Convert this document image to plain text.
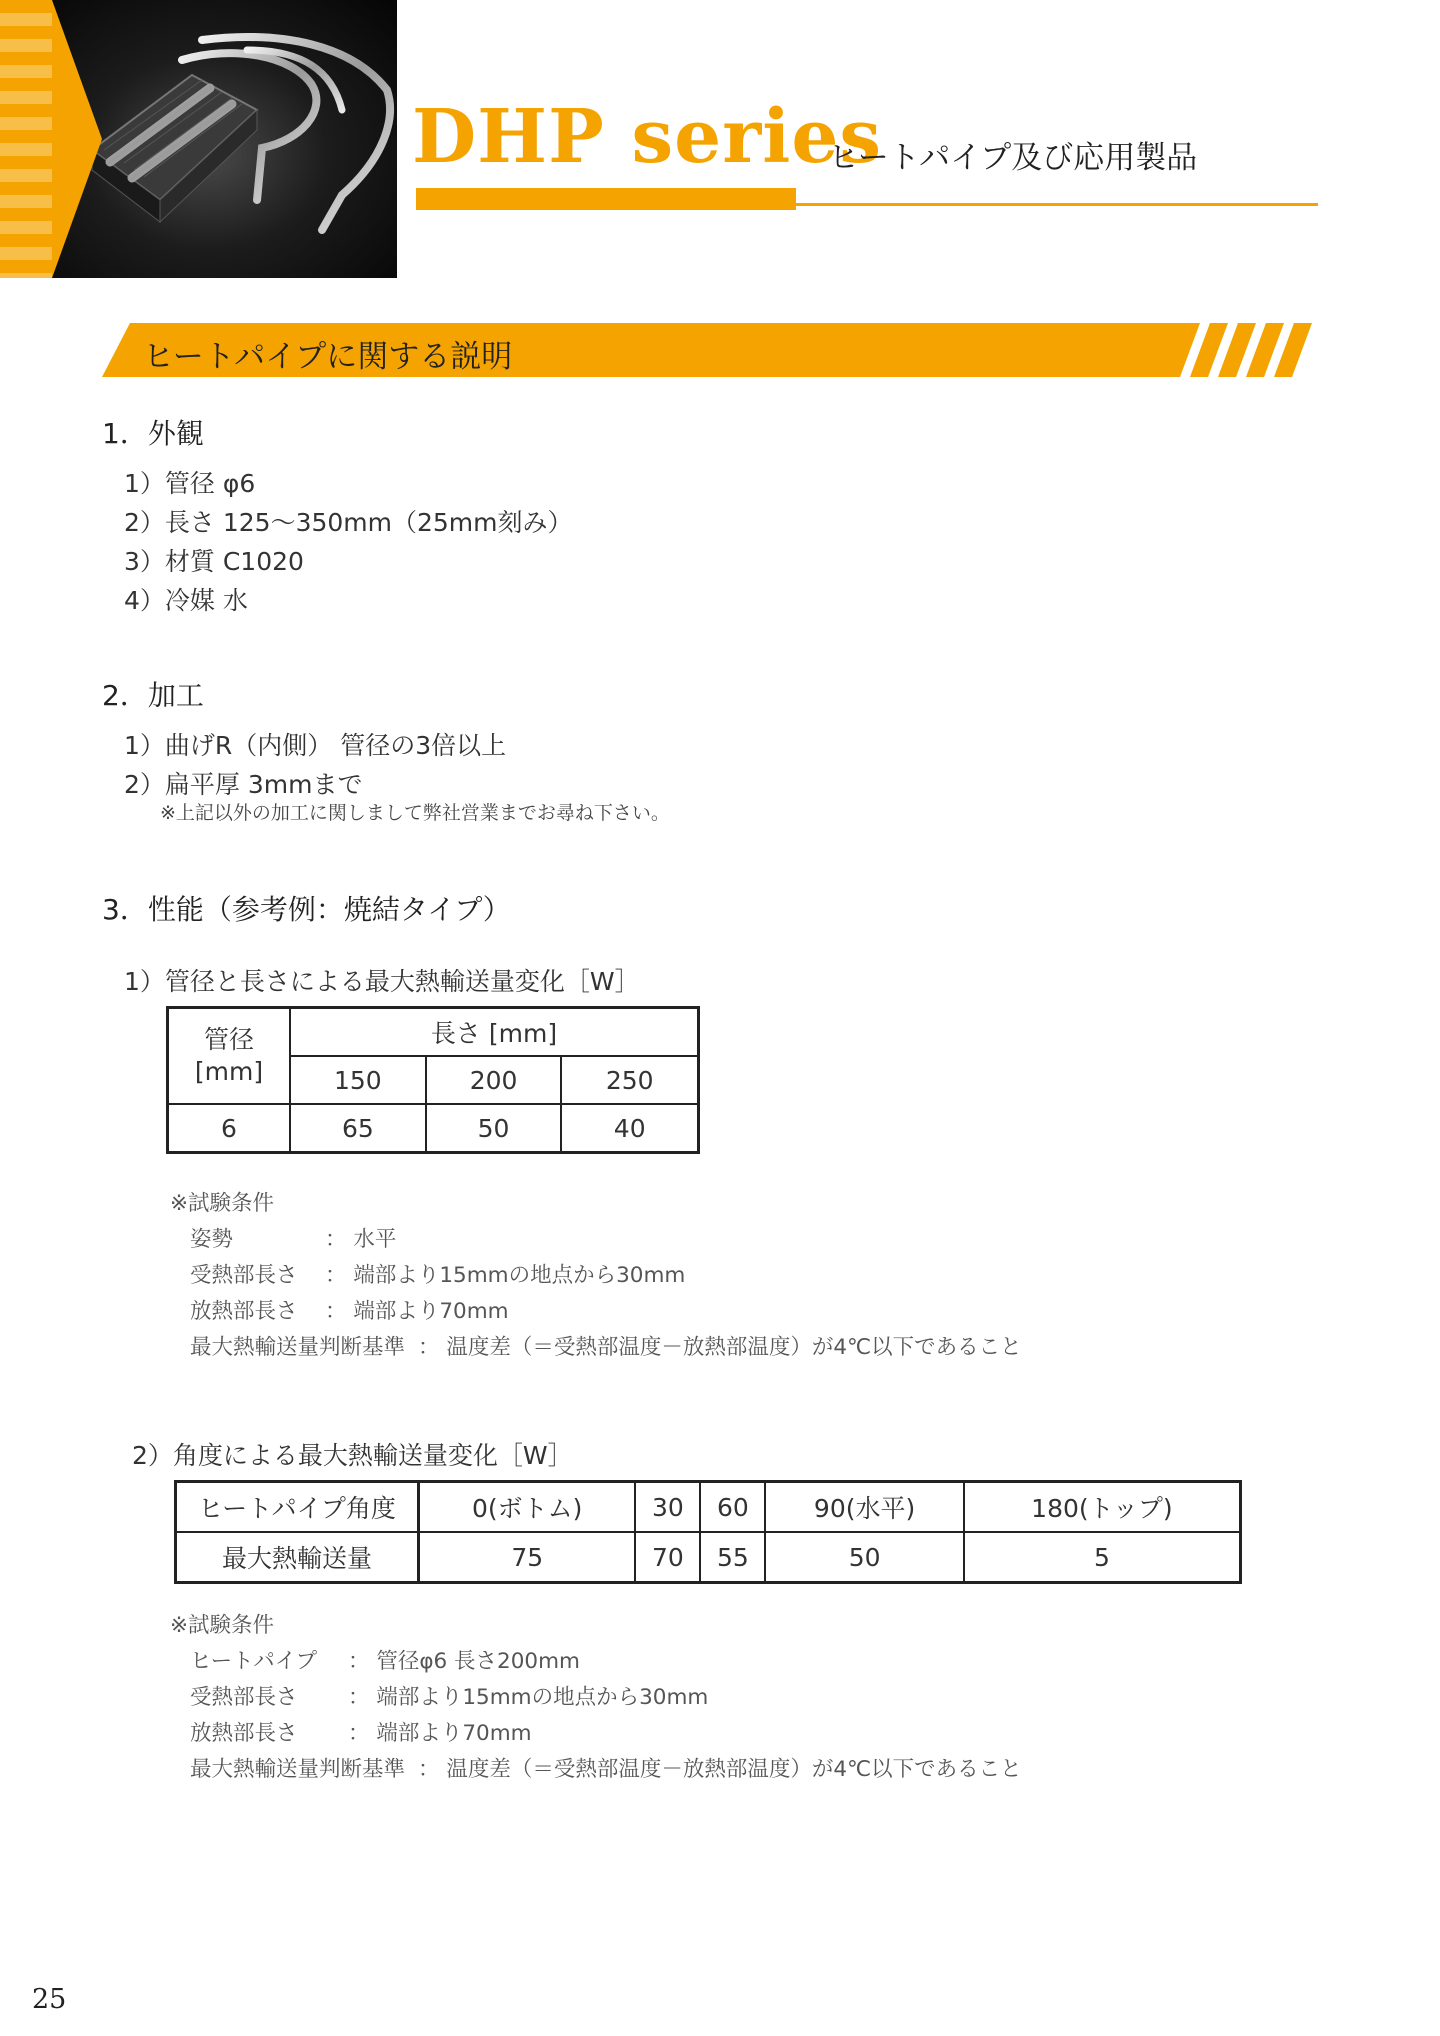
DHP series
ヒートパイプ及び応用製品
ヒートパイプに関する説明
1．外観
1）管径 φ6
2）長さ 125～350mm（25mm刻み）
3）材質 C1020
4）冷媒 水
2．加工
1）曲げR（内側） 管径の3倍以上
2）扁平厚 3mmまで
※上記以外の加工に関しまして弊社営業までお尋ね下さい。
3．性能（参考例：焼結タイプ）
1）管径と長さによる最大熱輸送量変化［W］
管径
[mm]	長さ [mm]		
	150	200	250
6	65	50	40
※試験条件
姿勢	： 水平
受熱部長さ ： 端部より15mmの地点から30mm
放熱部長さ ： 端部より70mm
最大熱輸送量判断基準 ： 温度差（＝受熱部温度－放熱部温度）が4℃以下であること
2）角度による最大熱輸送量変化［W］
ヒートパイプ角度	0(ボトム)	30	60	90(水平)	180(トップ)
最大熱輸送量	75	70	55	50	5
※試験条件
ヒートパイプ ： 管径φ6 長さ200mm
受熱部長さ ： 端部より15mmの地点から30mm
放熱部長さ ： 端部より70mm
最大熱輸送量判断基準 ： 温度差（＝受熱部温度－放熱部温度）が4℃以下であること
25
